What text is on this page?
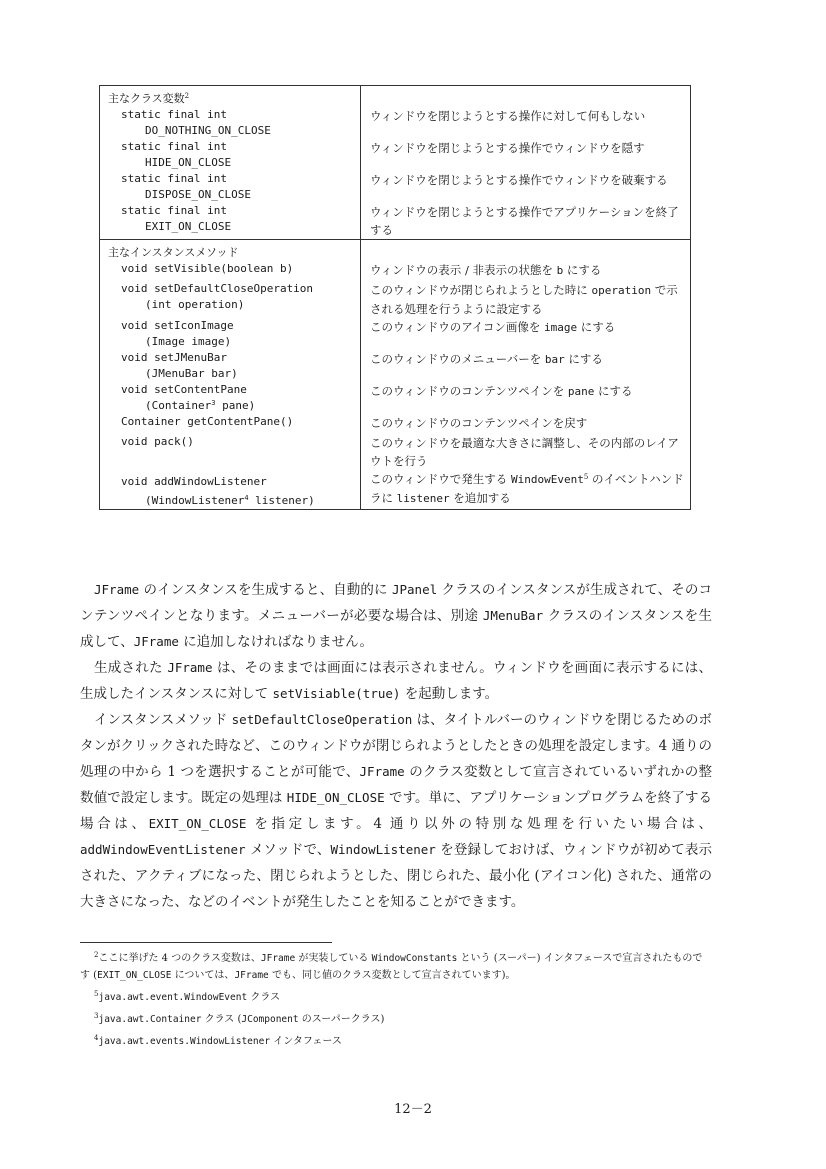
主なクラス変数$^2$	
static final int
DO_NOTHING_ON_CLOSE	ウィンドウを閉じようとする操作に対して何もしない
static final int
HIDE_ON_CLOSE	ウィンドウを閉じようとする操作でウィンドウを隠す
static final int
DISPOSE_ON_CLOSE	ウィンドウを閉じようとする操作でウィンドウを破棄する
static final int
EXIT_ON_CLOSE	ウィンドウを閉じようとする操作でアプリケーションを終了する
主なインスタンスメソッド	
void setVisible(boolean b)	ウィンドウの表示 / 非表示の状態を b にする
void setDefaultCloseOperation
(int operation)	このウィンドウが閉じられようとした時に operation で示される処理を行うように設定する
void setIconImage
(Image image)	このウィンドウのアイコン画像を image にする
void setJMenuBar
(JMenuBar bar)	このウィンドウのメニューバーを bar にする
void setContentPane
(Container$^3$ pane)	このウィンドウのコンテンツペインを pane にする
Container getContentPane()	このウィンドウのコンテンツペインを戻す
void pack()	このウィンドウを最適な大きさに調整し、その内部のレイアウトを行う
void addWindowListener
(WindowListener$^4$ listener)	このウィンドウで発生する WindowEvent$^5$ のイベントハンドラに listener を追加する

JFrame のインスタンスを生成すると、自動的に JPanel クラスのインスタンスが生成されて、そのコンテンツペインとなります。メニューバーが必要な場合は、別途 JMenuBar クラスのインスタンスを生成して、JFrame に追加しなければなりません。

生成された JFrame は、そのままでは画面には表示されません。ウィンドウを画面に表示するには、生成したインスタンスに対して setVisiable(true) を起動します。

インスタンスメソッド setDefaultCloseOperation は、タイトルバーのウィンドウを閉じるためのボタンがクリックされた時など、このウィンドウが閉じられようとしたときの処理を設定します。4 通りの処理の中から 1 つを選択することが可能で、JFrame のクラス変数として宣言されているいずれかの整数値で設定します。既定の処理は HIDE_ON_CLOSE です。単に、アプリケーションプログラムを終了する場合は、EXIT_ON_CLOSE を指定します。4 通り以外の特別な処理を行いたい場合は、addWindowEventListener メソッドで、WindowListener を登録しておけば、ウィンドウが初めて表示された、アクティブになった、閉じられようとした、閉じられた、最小化 (アイコン化) された、通常の大きさになった、などのイベントが発生したことを知ることができます。

$^2$ここに挙げた 4 つのクラス変数は、JFrame が実装している WindowConstants という (スーパー) インタフェースで宣言されたものです (EXIT_ON_CLOSE については、JFrame でも、同じ値のクラス変数として宣言されています)。

$^5$java.awt.event.WindowEvent クラス

$^3$java.awt.Container クラス (JComponent のスーパークラス)

$^4$java.awt.events.WindowListener インタフェース

12－2
